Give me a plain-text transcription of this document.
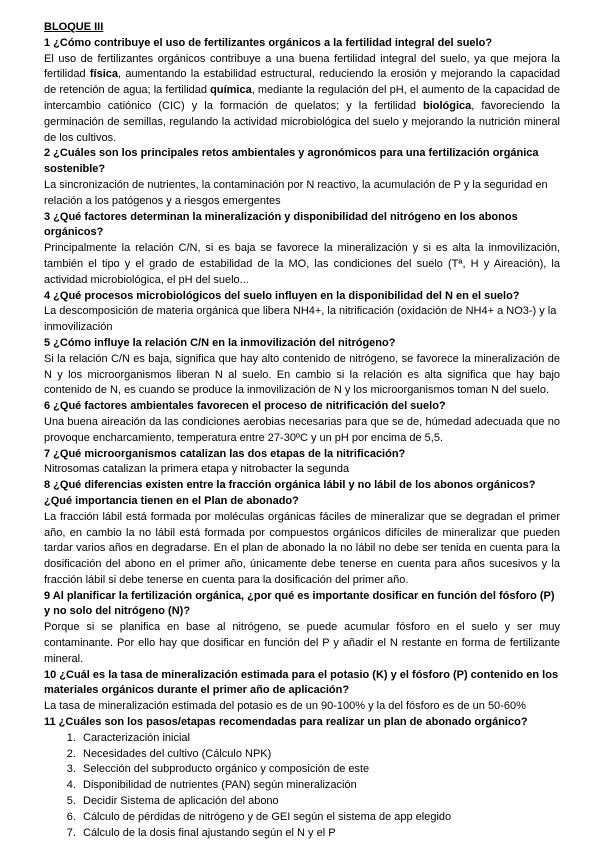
BLOQUE III

1 ¿Cómo contribuye el uso de fertilizantes orgánicos a la fertilidad integral del suelo?

El uso de fertilizantes orgánicos contribuye a una buena fertilidad integral del suelo, ya que mejora la fertilidad física, aumentando la estabilidad estructural, reduciendo la erosión y mejorando la capacidad de retención de agua; la fertilidad química, mediante la regulación del pH, el aumento de la capacidad de intercambio catiónico (CIC) y la formación de quelatos; y la fertilidad biológica, favoreciendo la germinación de semillas, regulando la actividad microbiológica del suelo y mejorando la nutrición mineral de los cultivos.

2 ¿Cuáles son los principales retos ambientales y agronómicos para una fertilización orgánica sostenible?

La sincronización de nutrientes, la contaminación por N reactivo, la acumulación de P y la seguridad en relación a los patógenos y a riesgos emergentes

3 ¿Qué factores determinan la mineralización y disponibilidad del nitrógeno en los abonos orgánicos?

Principalmente la relación C/N, si es baja se favorece la mineralización y si es alta la inmovilización, también el tipo y el grado de estabilidad de la MO, las condiciones del suelo (Tª, H y Aireación), la actividad microbiológica, el pH del suelo...

4 ¿Qué procesos microbiológicos del suelo influyen en la disponibilidad del N en el suelo?

La descomposición de materia orgánica que libera NH4+, la nitrificación (oxidación de NH4+ a NO3-) y la inmovilización

5 ¿Cómo influye la relación C/N en la inmovilización del nitrógeno?

Si la relación C/N es baja, significa que hay alto contenido de nitrógeno, se favorece la mineralización de N y los microorganismos liberan N al suelo. En cambio si la relación es alta significa que hay bajo contenido de N, es cuando se produce la inmovilización de N y los microorganismos toman N del suelo.

6 ¿Qué factores ambientales favorecen el proceso de nitrificación del suelo?

Una buena aireación da las condiciones aerobias necesarias para que se de, húmedad adecuada que no provoque encharcamiento, temperatura entre 27-30ºC y un pH por encima de 5,5.

7 ¿Qué microorganismos catalizan las dos etapas de la nitrificación?

Nitrosomas catalizan la primera etapa y nitrobacter la segunda

8 ¿Qué diferencias existen entre la fracción orgánica lábil y no lábil de los abonos orgánicos? ¿Qué importancia tienen en el Plan de abonado?

La fracción lábil está formada por moléculas orgánicas fáciles de mineralizar que se degradan el primer año, en cambio la no lábil está formada por compuestos orgánicos difíciles de mineralizar que pueden tardar varios años en degradarse. En el plan de abonado la no lábil no debe ser tenida en cuenta para la dosificación del abono en el primer año, únicamente debe tenerse en cuenta para años sucesivos y la fracción lábil si debe tenerse en cuenta para la dosificación del primer año.

9 Al planificar la fertilización orgánica, ¿por qué es importante dosificar en función del fósforo (P) y no solo del nitrógeno (N)?

Porque si se planifica en base al nitrógeno, se puede acumular fósforo en el suelo y ser muy contaminante. Por ello hay que dosificar en función del P y añadir el N restante en forma de fertilizante mineral.

10 ¿Cuál es la tasa de mineralización estimada para el potasio (K) y el fósforo (P) contenido en los materiales orgánicos durante el primer año de aplicación?

La tasa de mineralización estimada del potasio es de un 90-100% y la del fósforo es de un 50-60%

11 ¿Cuáles son los pasos/etapas recomendadas para realizar un plan de abonado orgánico?

1. Caracterización inicial
2. Necesidades del cultivo (Cálculo NPK)
3. Selección del subproducto orgánico y composición de este
4. Disponibilidad de nutrientes (PAN) según mineralización
5. Decidir Sistema de aplicación del abono
6. Cálculo de pérdidas de nitrógeno y de GEI según el sistema de app elegido
7. Cálculo de la dosis final ajustando según el N y el P
